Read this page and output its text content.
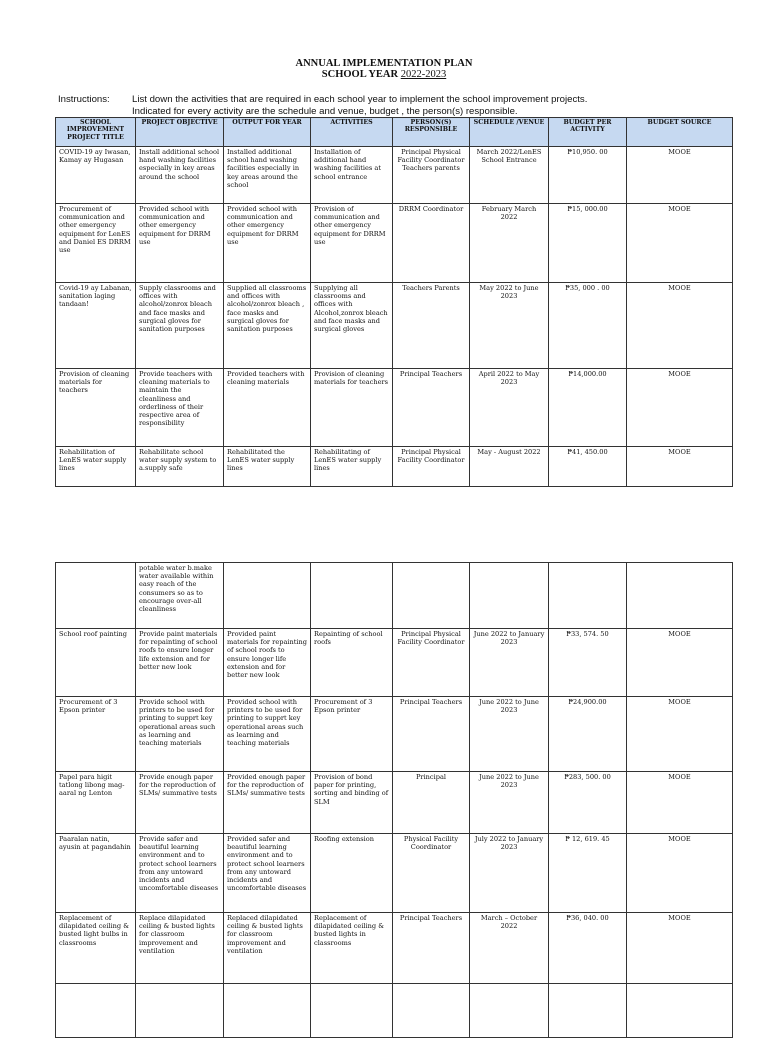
ANNUAL IMPLEMENTATION PLAN
SCHOOL YEAR 2022-2023
Instructions: List down the activities that are required in each school year to implement the school improvement projects.
Indicated for every activity are the schedule and venue, budget , the person(s) responsible.
SCHOOL IMPROVEMENT PROJECT TITLE	PROJECT OBJECTIVE	OUTPUT FOR YEAR	ACTIVITIES	PERSON(S) RESPONSIBLE	SCHEDULE /VENUE	BUDGET PER ACTIVITY	BUDGET SOURCE
COVID-19 ay Iwasan, Kamay ay Hugasan	Install additional school hand washing facilities especially in key areas around the school	Installed additional school hand washing facilities especially in key areas around the school	Installation of additional hand washing facilities at school entrance	Principal Physical Facility Coordinator Teachers parents	March 2022/LenES School Entrance	₱10,950. 00	MOOE
Procurement of communication and other emergency equipment for LenES and Daniel ES DRRM use	Provided school with communication and other emergency equipment for DRRM use	Provided school with communication and other emergency equipment for DRRM use	Provision of communication and other emergency equipment for DRRM use	DRRM Coordinator	February March 2022	₱15, 000.00	MOOE
Covid-19 ay Labanan, sanitation laging tandaan!	Supply classrooms and offices with alcohol/zonrox bleach and face masks and surgical gloves for sanitation purposes	Supplied all classrooms and offices with alcohol/zonrox bleach , face masks and surgical gloves for sanitation purposes	Supplying all classrooms and offices with Alcohol,zonrox bleach and face masks and surgical gloves	Teachers Parents	May 2022 to June 2023	₱35, 000 . 00	MOOE
Provision of cleaning materials for teachers	Provide teachers with cleaning materials to maintain the cleanliness and orderliness of their respective area of responsibility	Provided teachers with cleaning materials	Provision of cleaning materials for teachers	Principal Teachers	April 2022 to May 2023	₱14,000.00	MOOE
Rehabilitation of LenES water supply lines	Rehabilitate school water supply system to a.supply safe	Rehabilitated the LenES water supply lines	Rehabilitating of LenES water supply lines	Principal Physical Facility Coordinator	May - August 2022	₱41, 450.00	MOOE
	potable water b.make water available within easy reach of the consumers so as to encourage over-all cleanliness						
School roof painting	Provide paint materials for repainting of school roofs to ensure longer life extension and for better new look	Provided paint materials for repainting of school roofs to ensure longer life extension and for better new look	Repainting of school roofs	Principal Physical Facility Coordinator	June 2022 to January 2023	₱33, 574. 50	MOOE
Procurement of 3 Epson printer	Provide school with printers to be used for printing to supprt key operational areas such as learning and teaching materials	Provided school with printers to be used for printing to supprt key operational areas such as learning and teaching materials	Procurement of 3 Epson printer	Principal Teachers	June 2022 to June 2023	₱24,900.00	MOOE
Papel para higit tatlong libong mag- aaral ng Lenton	Provide enough paper for the reproduction of SLMs/ summative tests	Provided enough paper for the reproduction of SLMs/ summative tests	Provision of bond paper for printing, sorting and binding of SLM	Principal	June 2022 to June 2023	₱283, 500. 00	MOOE
Paaralan natin, ayusin at pagandahin	Provide safer and beautiful learning environment and to protect school learners from any untoward incidents and uncomfortable diseases	Provided safer and beautiful learning environment and to protect school learners from any untoward incidents and uncomfortable diseases	Roofing extension	Physical Facility Coordinator	July 2022 to January 2023	₱ 12, 619. 45	MOOE
Replacement of dilapidated ceiling & busted light bulbs in classrooms	Replace dilapidated ceiling & busted lights for classroom improvement and ventilation	Replaced dilapidated ceiling & busted lights for classroom improvement and ventilation	Replacement of dilapidated ceiling & busted lights in classrooms	Principal Teachers	March – October 2022	₱36, 040. 00	MOOE
